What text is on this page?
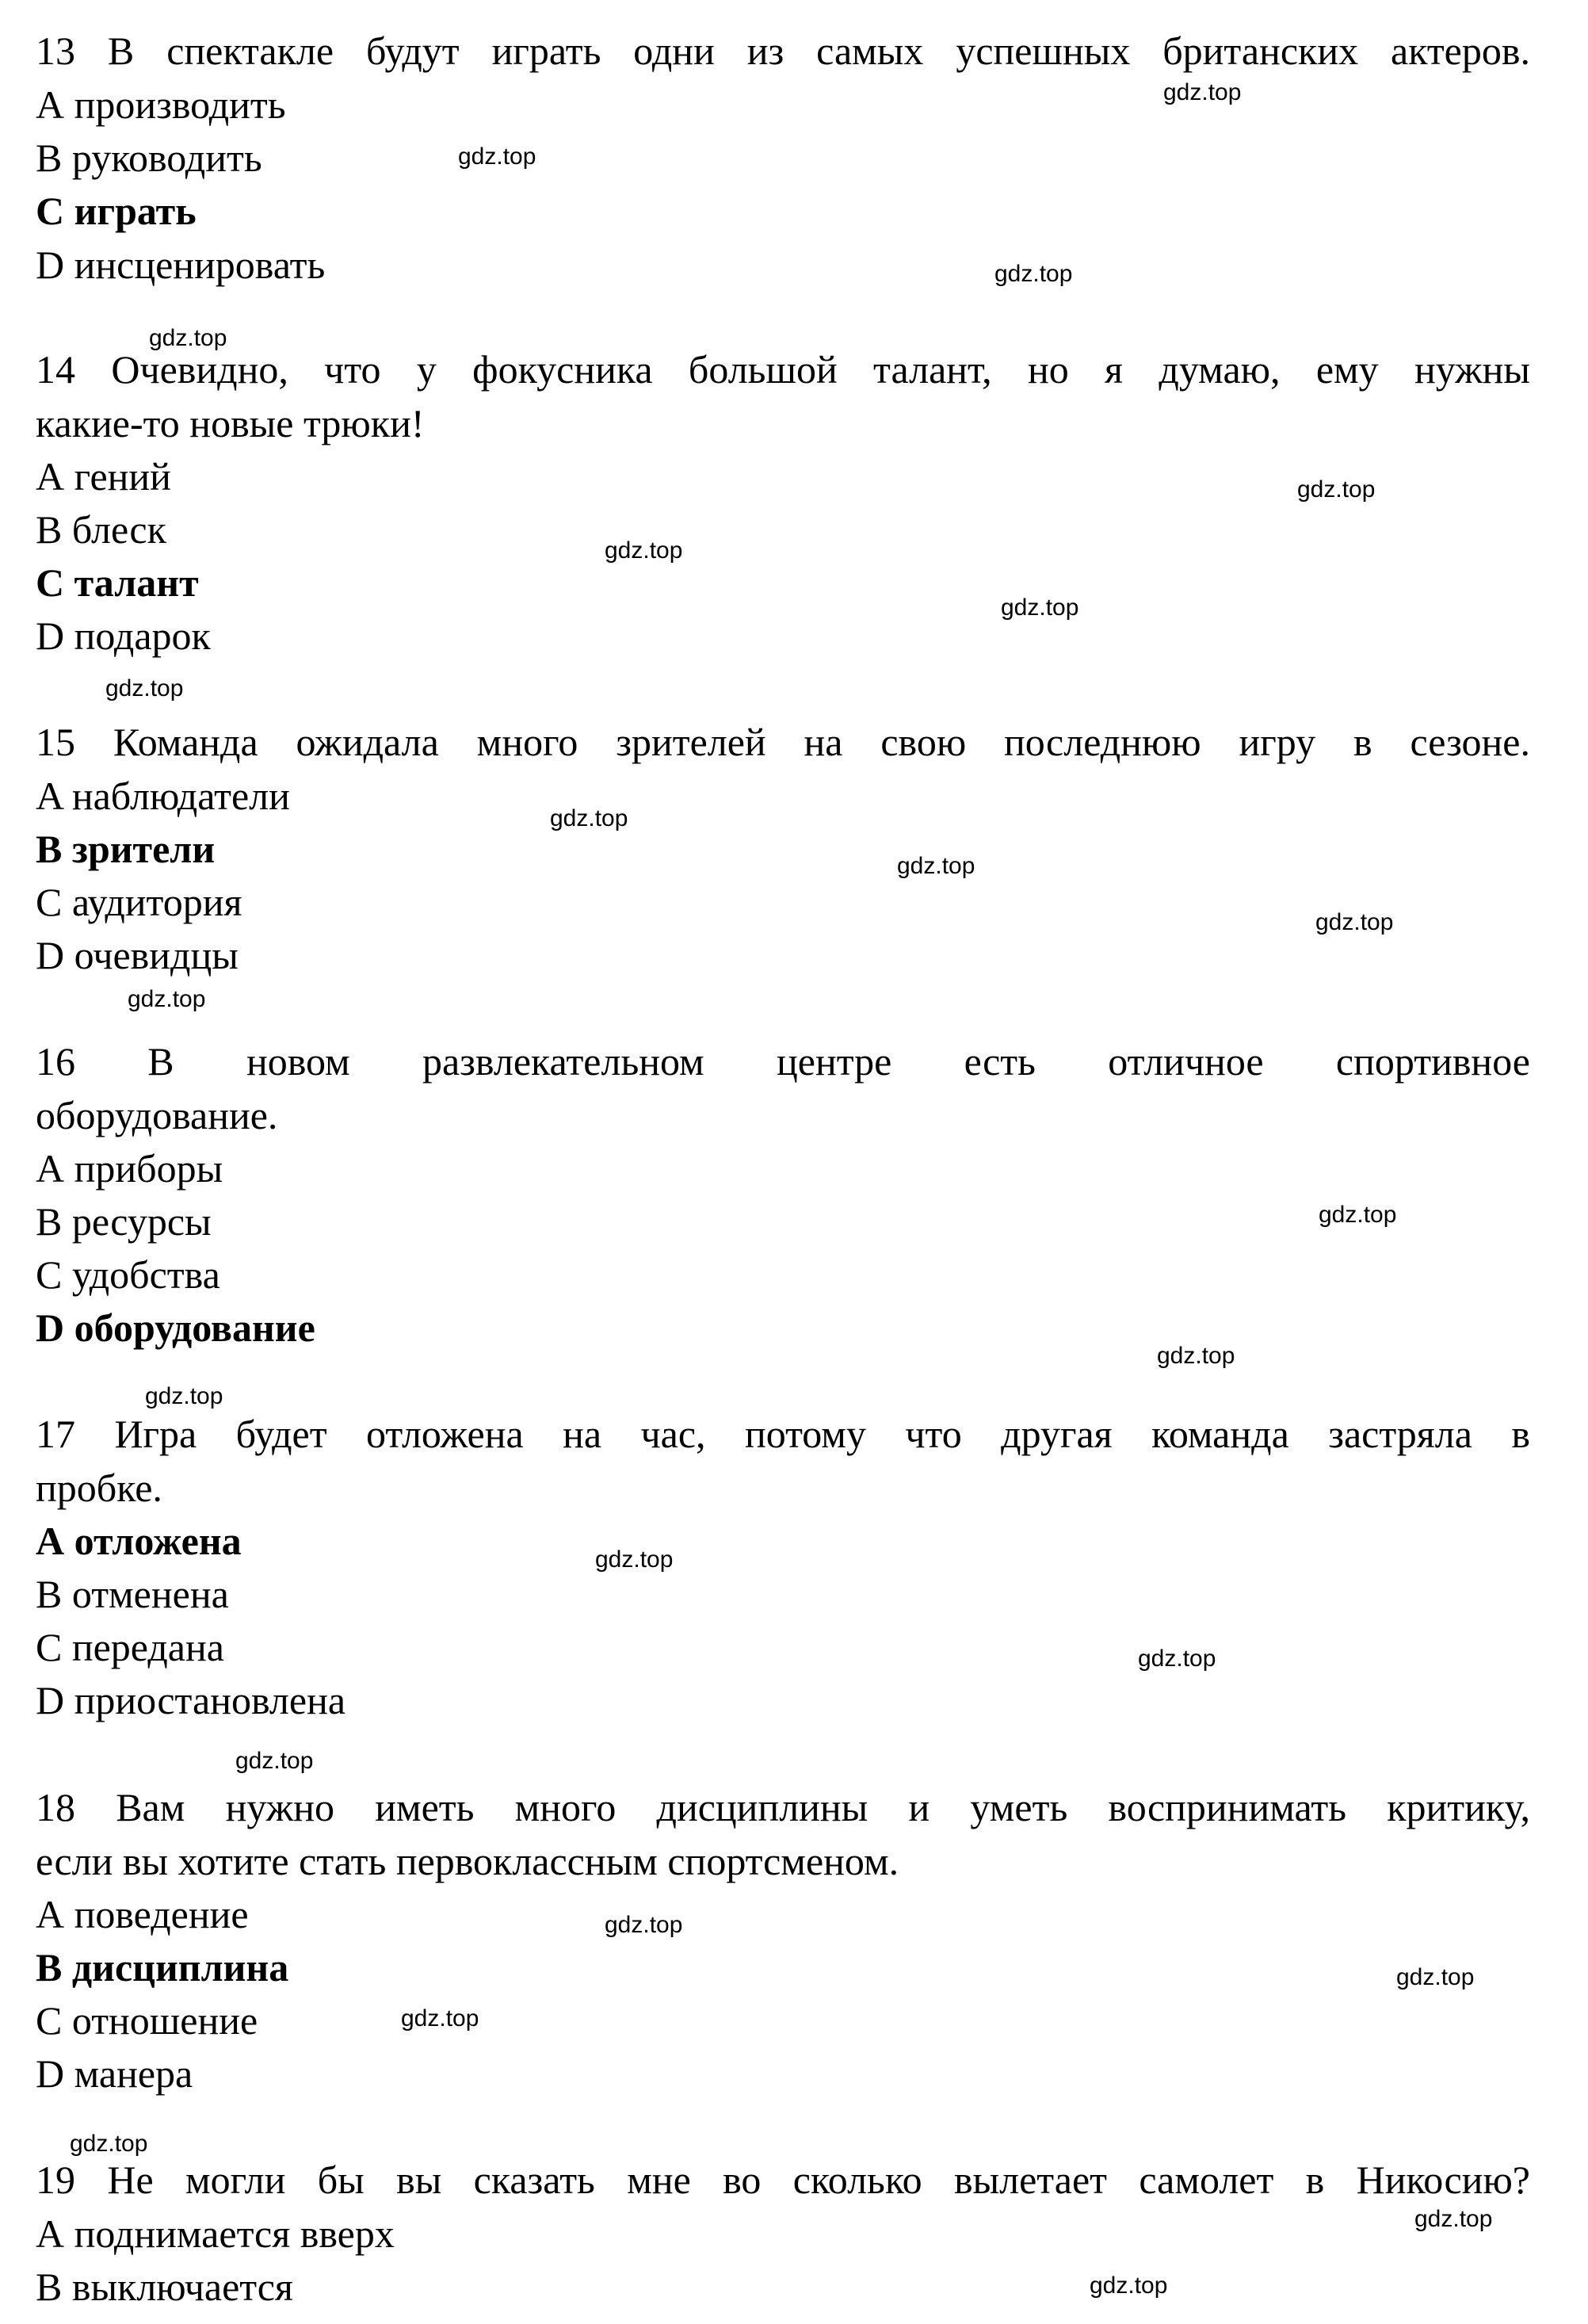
13 В спектакле будут играть одни из самых успешных британских актеров.
А производить
B руководить
С играть
D инсценировать
14 Очевидно, что у фокусника большой талант, но я думаю, ему нужны
какие-то новые трюки!
А гений
В блеск
С талант
D подарок
15 Команда ожидала много зрителей на свою последнюю игру в сезоне.
A наблюдатели
В зрители
С аудитория
D очевидцы
16 В новом развлекательном центре есть отличное спортивное
оборудование.
А приборы
В ресурсы
С удобства
D оборудование
17 Игра будет отложена на час, потому что другая команда застряла в
пробке.
А отложена
В отменена
С передана
D приостановлена
18 Вам нужно иметь много дисциплины и уметь воспринимать критику,
если вы хотите стать первоклассным спортсменом.
А поведение
В дисциплина
С отношение
D манера
19 Не могли бы вы сказать мне во сколько вылетает самолет в Никосию?
А поднимается вверх
В выключается
gdz.top
gdz.top
gdz.top
gdz.top
gdz.top
gdz.top
gdz.top
gdz.top
gdz.top
gdz.top
gdz.top
gdz.top
gdz.top
gdz.top
gdz.top
gdz.top
gdz.top
gdz.top
gdz.top
gdz.top
gdz.top
gdz.top
gdz.top
gdz.top
